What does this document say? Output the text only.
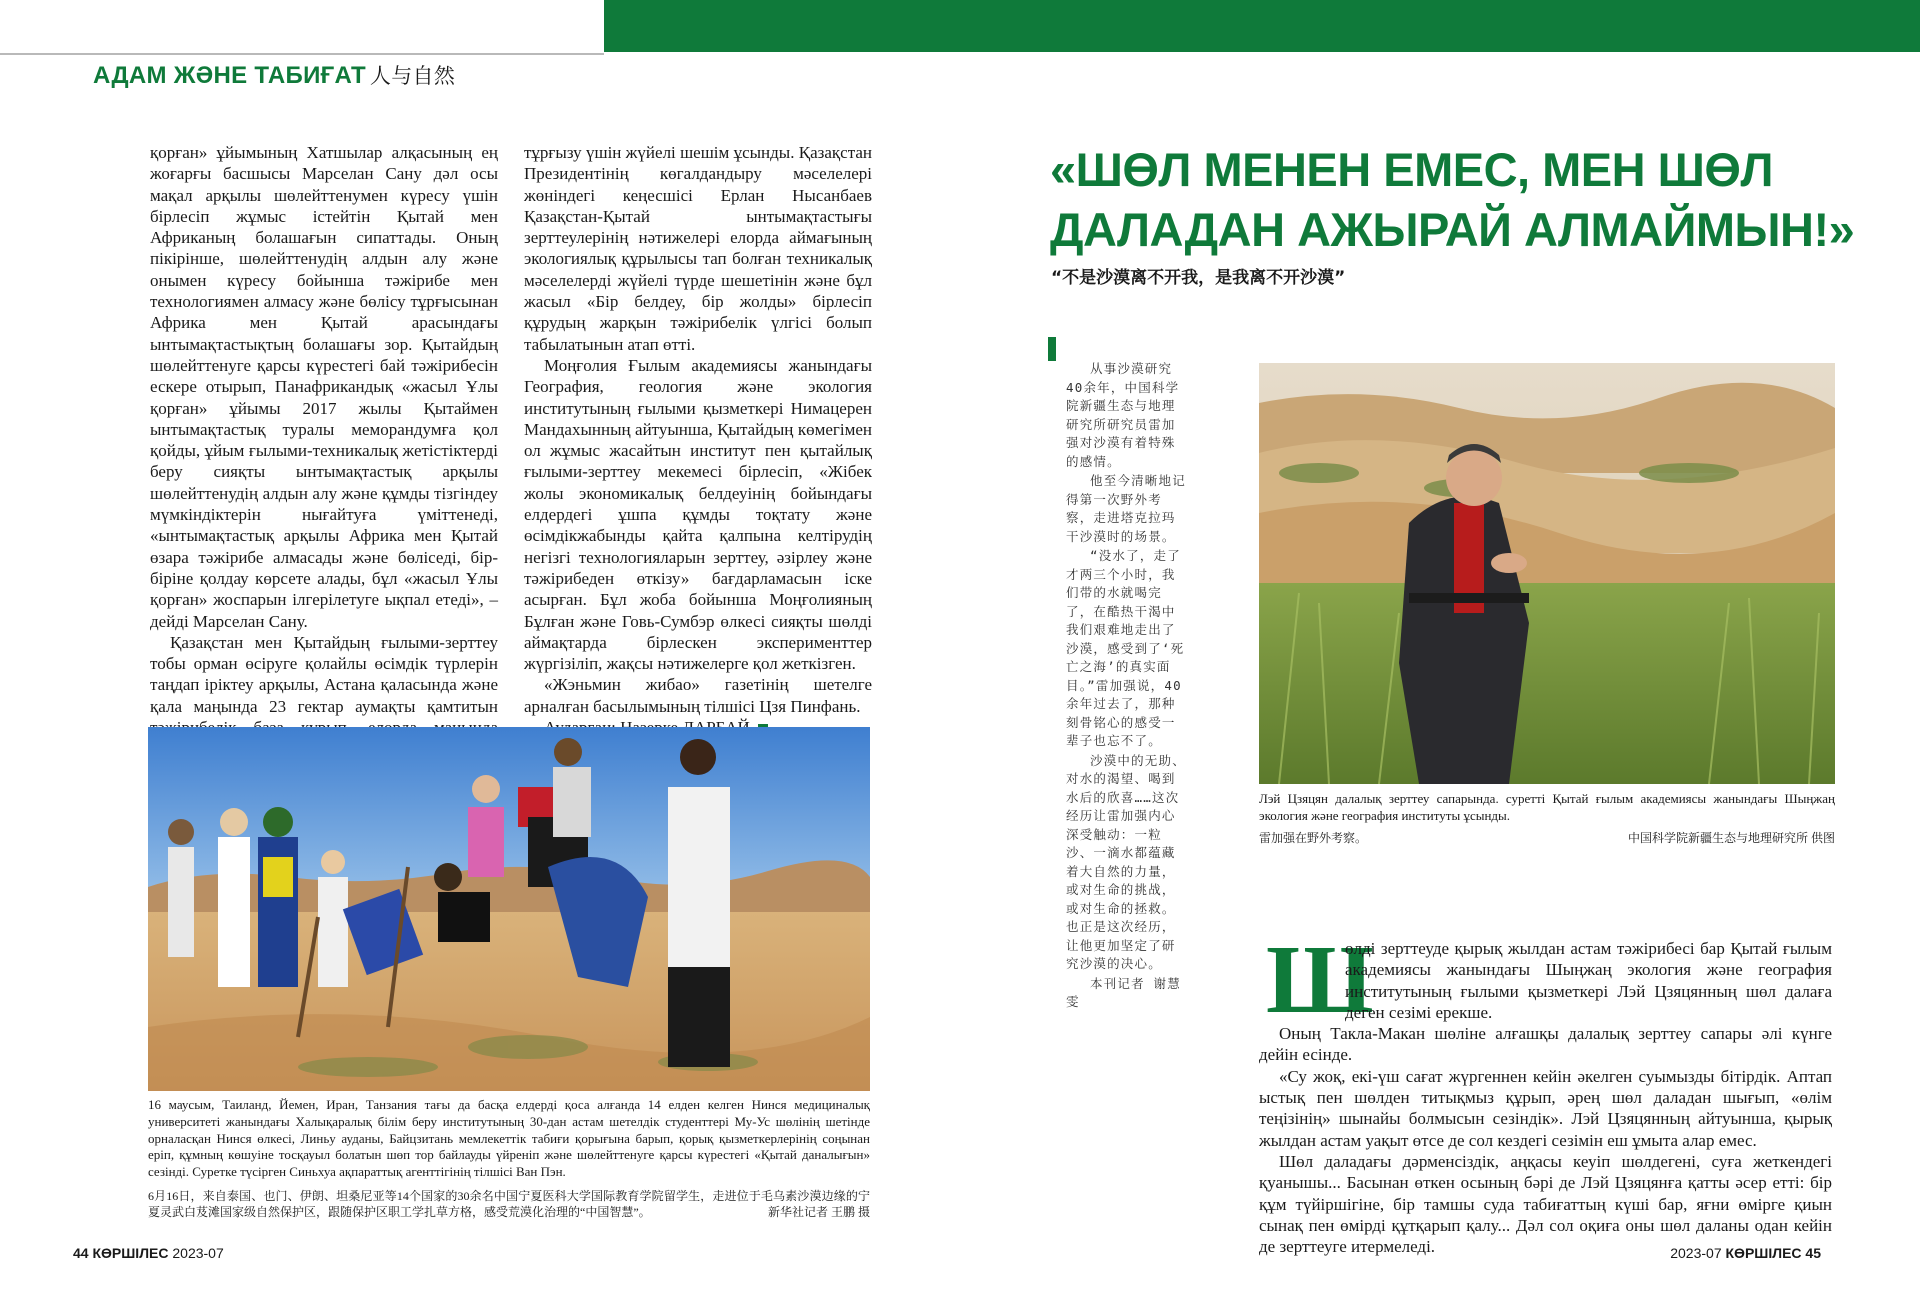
АДАМ ЖӘНЕ ТАБИҒАТ 人与自然

қорған» ұйымының Хатшылар алқасының ең жоғарғы басшысы Марселан Сану дәл осы мақал арқылы шөлейттенумен күресу үшін бірлесіп жұмыс істейтін Қытай мен Африканың болашағын сипаттады. Оның пікірінше, шөлейттенудің алдын алу және онымен күресу бойынша тәжірибе мен технологиямен алмасу және бөлісу тұрғысынан Африка мен Қытай арасындағы ынтымақтастықтың болашағы зор. Қытайдың шөлейттенуге қарсы күрестегі бай тәжірибесін ескере отырып, Панафрикандық «жасыл Ұлы қорған» ұйымы 2017 жылы Қытаймен ынтымақтастық туралы меморандумға қол қойды, ұйым ғылыми-техникалық жетістіктерді беру сияқты ынтымақтастық арқылы шөлейттенудің алдын алу және құмды тізгіндеу мүмкіндіктерін нығайтуға үміттенеді, «ынтымақтастық арқылы Африка мен Қытай өзара тәжірибе алмасады және бөліседі, бір-біріне қолдау көрсете алады, бұл «жасыл Ұлы қорған» жоспарын ілгерілетуге ықпал етеді», – дейді Марселан Сану.

Қазақстан мен Қытайдың ғылыми-зерттеу тобы орман өсіруге қолайлы өсімдік түрлерін таңдап іріктеу арқылы, Астана қаласында және қала маңында 23 гектар аумақты қамтитын

тұрғызу үшін жүйелі шешім ұсынды. Қазақстан Президентінің көгалдандыру мәселелері жөніндегі кеңесшісі Ерлан Нысанбаев Қазақстан-Қытай ынтымақтастығы зерттеулерінің нәтижелері елорда аймағының экологиялық құрылысы тап болған техникалық мәселелерді жүйелі түрде шешетінін және бұл жасыл «Бір белдеу, бір жолды» бірлесіп құрудың жарқын тәжірибелік үлгісі болып табылатынын атап өтті.

Моңғолия Ғылым академиясы жанындағы География, геология және экология институтының ғылыми қызметкері Нимацерен Мандахынның айтуынша, Қытайдың көмегімен ол жұмыс жасайтын институт пен қытайлық ғылыми-зерттеу мекемесі бірлесіп, «Жібек жолы экономикалық белдеуінің бойындағы елдердегі ұшпа құмды тоқтату және өсімдікжабынды қайта қалпына келтірудің негізгі технологияларын зерттеу, әзірлеу және тәжірибеден өткізу» бағдарламасын іске асырған. Бұл жоба бойынша Моңғолияның Бұлған және Говь-Сумбэр өлкесі сияқты шөлді аймақтарда бірлескен эксперименттер жүргізіліп, жақсы нәтижелерге қол жеткізген.

«Жэньмин жибао» газетінің шетелге арналған басылымының тілшісі Цзя Пинфань.

16 маусым, Таиланд, Йемен, Иран, Танзания тағы да басқа елдерді қоса алғанда 14 елден келген Нинся медициналық университеті жанындағы Халықаралық білім беру институтының 30-дан астам шетелдік студенттері Му-Ус шөлінің шетінде орналасқан Нинся өлкесі, Линьу ауданы, Байцзитань мемлекеттік табиғи қорығына барып, қорық қызметкерлерінің соңынан еріп, құмның көшуіне тосқауыл болатын шөп тор байлауды үйреніп және шөлейттенуге қарсы күрестегі «Қытай даналығын» сезінді. Суретке түсірген Синьхуа ақпараттық агенттігінің тілшісі Ван Пэн.
6月16日，来自泰国、也门、伊朗、坦桑尼亚等14个国家的30余名中国宁夏医科大学国际教育学院留学生，走进位于毛乌素沙漠边缘的宁夏灵武白芨滩国家级自然保护区，跟随保护区职工学扎草方格，感受荒漠化治理的“中国智慧”。	新华社记者 王鹏 摄
44 КӨРШІЛЕС 2023-07
«ШӨЛ МЕНЕН ЕМЕС, МЕН ШӨЛ ДАЛАДАН АЖЫРАЙ АЛМАЙМЫН!»
“不是沙漠离不开我，是我离不开沙漠”

从事沙漠研究40余年，中国科学院新疆生态与地理研究所研究员雷加强对沙漠有着特殊的感情。

他至今清晰地记得第一次野外考察，走进塔克拉玛干沙漠时的场景。

“没水了，走了才两三个小时，我们带的水就喝完了，在酷热干渴中我们艰难地走出了沙漠，感受到了‘死亡之海’的真实面目。”雷加强说，40余年过去了，那种刻骨铭心的感受一辈子也忘不了。

沙漠中的无助、对水的渴望、喝到水后的欣喜……这次经历让雷加强内心深受触动：一粒沙、一滴水都蕴藏着大自然的力量，或对生命的挑战，或对生命的拯救。也正是这次经历，让他更加坚定了研究沙漠的决心。

本刊记者 谢慧雯

Лэй Цзяцян далалық зерттеу сапарында. суретті Қытай ғылым академиясы жанындағы Шыңжаң экология және география институты ұсынды.
雷加强在野外考察。	中国科学院新疆生态与地理研究所 供图
Ш

өлді зерттеуде қырық жылдан астам тәжірибесі бар Қытай ғылым академиясы жанындағы Шыңжаң экология және география институтының ғылыми қызметкері Лэй Цзяцянның шөл далаға деген сезімі ерекше.

Оның Такла-Макан шөліне алғашқы далалық зерттеу сапары әлі күнге дейін есінде.

«Су жоқ, екі-үш сағат жүргеннен кейін әкелген суымызды бітірдік. Аптап ыстық пен шөлден титықмыз құрып, әрең шөл даладан шығып, «өлім теңізінің» шынайы болмысын сезіндік». Лэй Цзяцянның айтуынша, қырық жылдан астам уақыт өтсе де сол кездегі сезімін еш ұмыта алар емес.

Шөл даладағы дәрменсіздік, аңқасы кеуіп шөлдегені, суға жеткендегі қуанышы... Басынан өткен осының бәрі де Лэй Цзяцянға қатты әсер етті: бір құм түйіршігіне, бір тамшы суда табиғаттың күші бар, яғни өмірге қиын сынақ пен өмірді құтқарып қалу... Дәл сол оқиға оны шөл даланы одан кейін де зерттеуге итермеледі.	2023-07 КӨРШІЛЕС 45
